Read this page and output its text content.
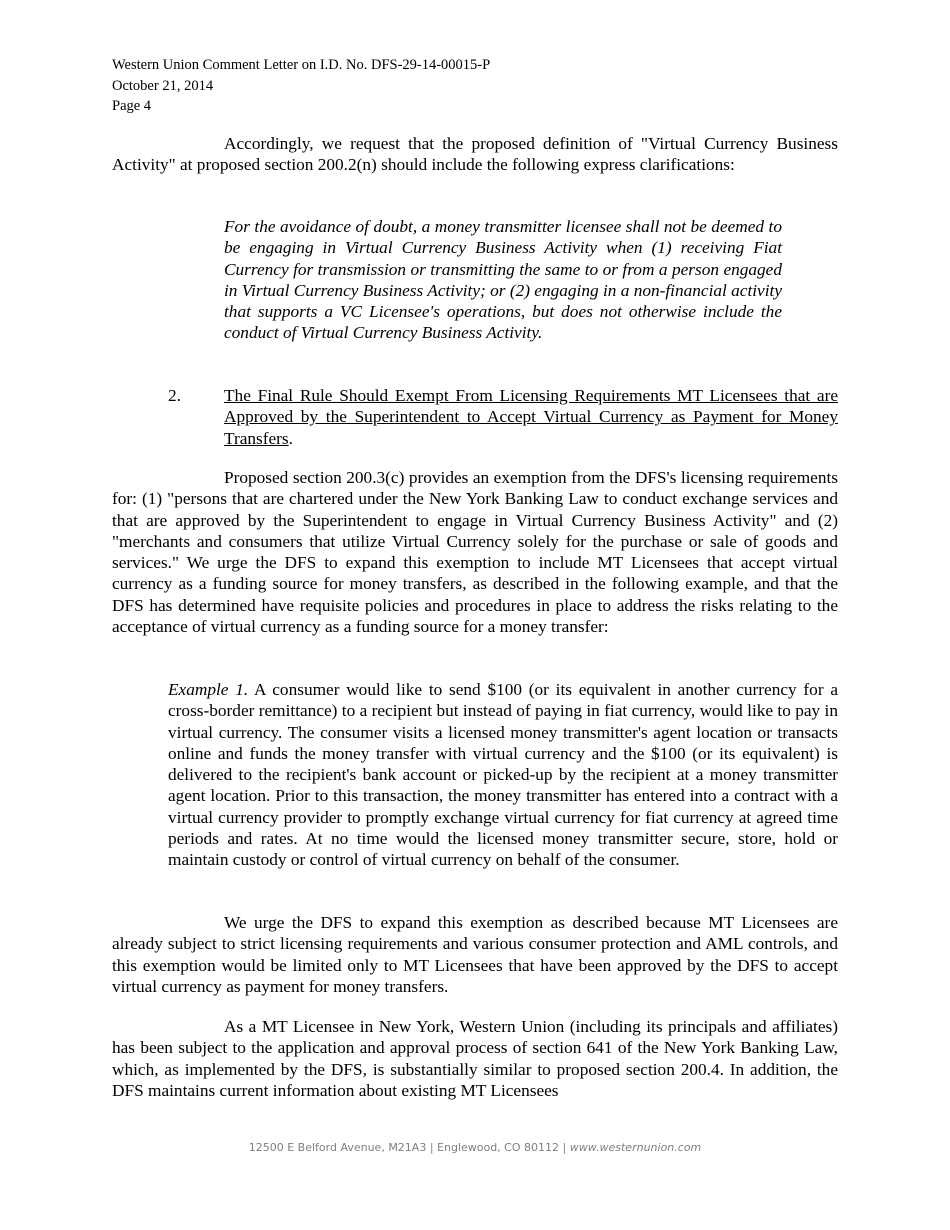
Western Union Comment Letter on I.D. No. DFS-29-14-00015-P
October 21, 2014
Page 4
Accordingly, we request that the proposed definition of "Virtual Currency Business Activity" at proposed section 200.2(n) should include the following express clarifications:
For the avoidance of doubt, a money transmitter licensee shall not be deemed to be engaging in Virtual Currency Business Activity when (1) receiving Fiat Currency for transmission or transmitting the same to or from a person engaged in Virtual Currency Business Activity; or (2) engaging in a non-financial activity that supports a VC Licensee's operations, but does not otherwise include the conduct of Virtual Currency Business Activity.
2. The Final Rule Should Exempt From Licensing Requirements MT Licensees that are Approved by the Superintendent to Accept Virtual Currency as Payment for Money Transfers.
Proposed section 200.3(c) provides an exemption from the DFS's licensing requirements for: (1) "persons that are chartered under the New York Banking Law to conduct exchange services and that are approved by the Superintendent to engage in Virtual Currency Business Activity" and (2) "merchants and consumers that utilize Virtual Currency solely for the purchase or sale of goods and services." We urge the DFS to expand this exemption to include MT Licensees that accept virtual currency as a funding source for money transfers, as described in the following example, and that the DFS has determined have requisite policies and procedures in place to address the risks relating to the acceptance of virtual currency as a funding source for a money transfer:
Example 1. A consumer would like to send $100 (or its equivalent in another currency for a cross-border remittance) to a recipient but instead of paying in fiat currency, would like to pay in virtual currency. The consumer visits a licensed money transmitter's agent location or transacts online and funds the money transfer with virtual currency and the $100 (or its equivalent) is delivered to the recipient's bank account or picked-up by the recipient at a money transmitter agent location. Prior to this transaction, the money transmitter has entered into a contract with a virtual currency provider to promptly exchange virtual currency for fiat currency at agreed time periods and rates. At no time would the licensed money transmitter secure, store, hold or maintain custody or control of virtual currency on behalf of the consumer.
We urge the DFS to expand this exemption as described because MT Licensees are already subject to strict licensing requirements and various consumer protection and AML controls, and this exemption would be limited only to MT Licensees that have been approved by the DFS to accept virtual currency as payment for money transfers.
As a MT Licensee in New York, Western Union (including its principals and affiliates) has been subject to the application and approval process of section 641 of the New York Banking Law, which, as implemented by the DFS, is substantially similar to proposed section 200.4. In addition, the DFS maintains current information about existing MT Licensees
12500 E Belford Avenue, M21A3 | Englewood, CO 80112 | www.westernunion.com
